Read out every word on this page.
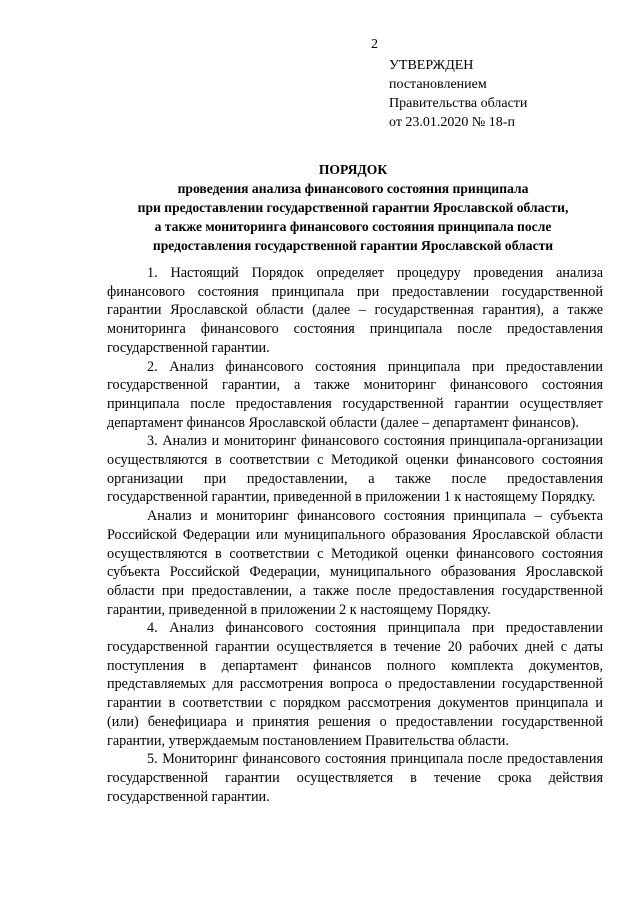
2
УТВЕРЖДЕН
постановлением
Правительства области
от 23.01.2020 № 18-п
ПОРЯДОК
проведения анализа финансового состояния принципала
при предоставлении государственной гарантии Ярославской области,
а также мониторинга финансового состояния принципала после
предоставления государственной гарантии Ярославской области

1. Настоящий Порядок определяет процедуру проведения анализа финансового состояния принципала при предоставлении государственной гарантии Ярославской области (далее – государственная гарантия), а также мониторинга финансового состояния принципала после предоставления государственной гарантии.

2. Анализ финансового состояния принципала при предоставлении государственной гарантии, а также мониторинг финансового состояния принципала после предоставления государственной гарантии осуществляет департамент финансов Ярославской области (далее – департамент финансов).

3. Анализ и мониторинг финансового состояния принципала-организации осуществляются в соответствии с Методикой оценки финансового состояния организации при предоставлении, а также после предоставления государственной гарантии, приведенной в приложении 1 к настоящему Порядку.

Анализ и мониторинг финансового состояния принципала – субъекта Российской Федерации или муниципального образования Ярославской области осуществляются в соответствии с Методикой оценки финансового состояния субъекта Российской Федерации, муниципального образования Ярославской области при предоставлении, а также после предоставления государственной гарантии, приведенной в приложении 2 к настоящему Порядку.

4. Анализ финансового состояния принципала при предоставлении государственной гарантии осуществляется в течение 20 рабочих дней с даты поступления в департамент финансов полного комплекта документов, представляемых для рассмотрения вопроса о предоставлении государственной гарантии в соответствии с порядком рассмотрения документов принципала и (или) бенефициара и принятия решения о предоставлении государственной гарантии, утверждаемым постановлением Правительства области.

5. Мониторинг финансового состояния принципала после предоставления государственной гарантии осуществляется в течение срока действия государственной гарантии.
